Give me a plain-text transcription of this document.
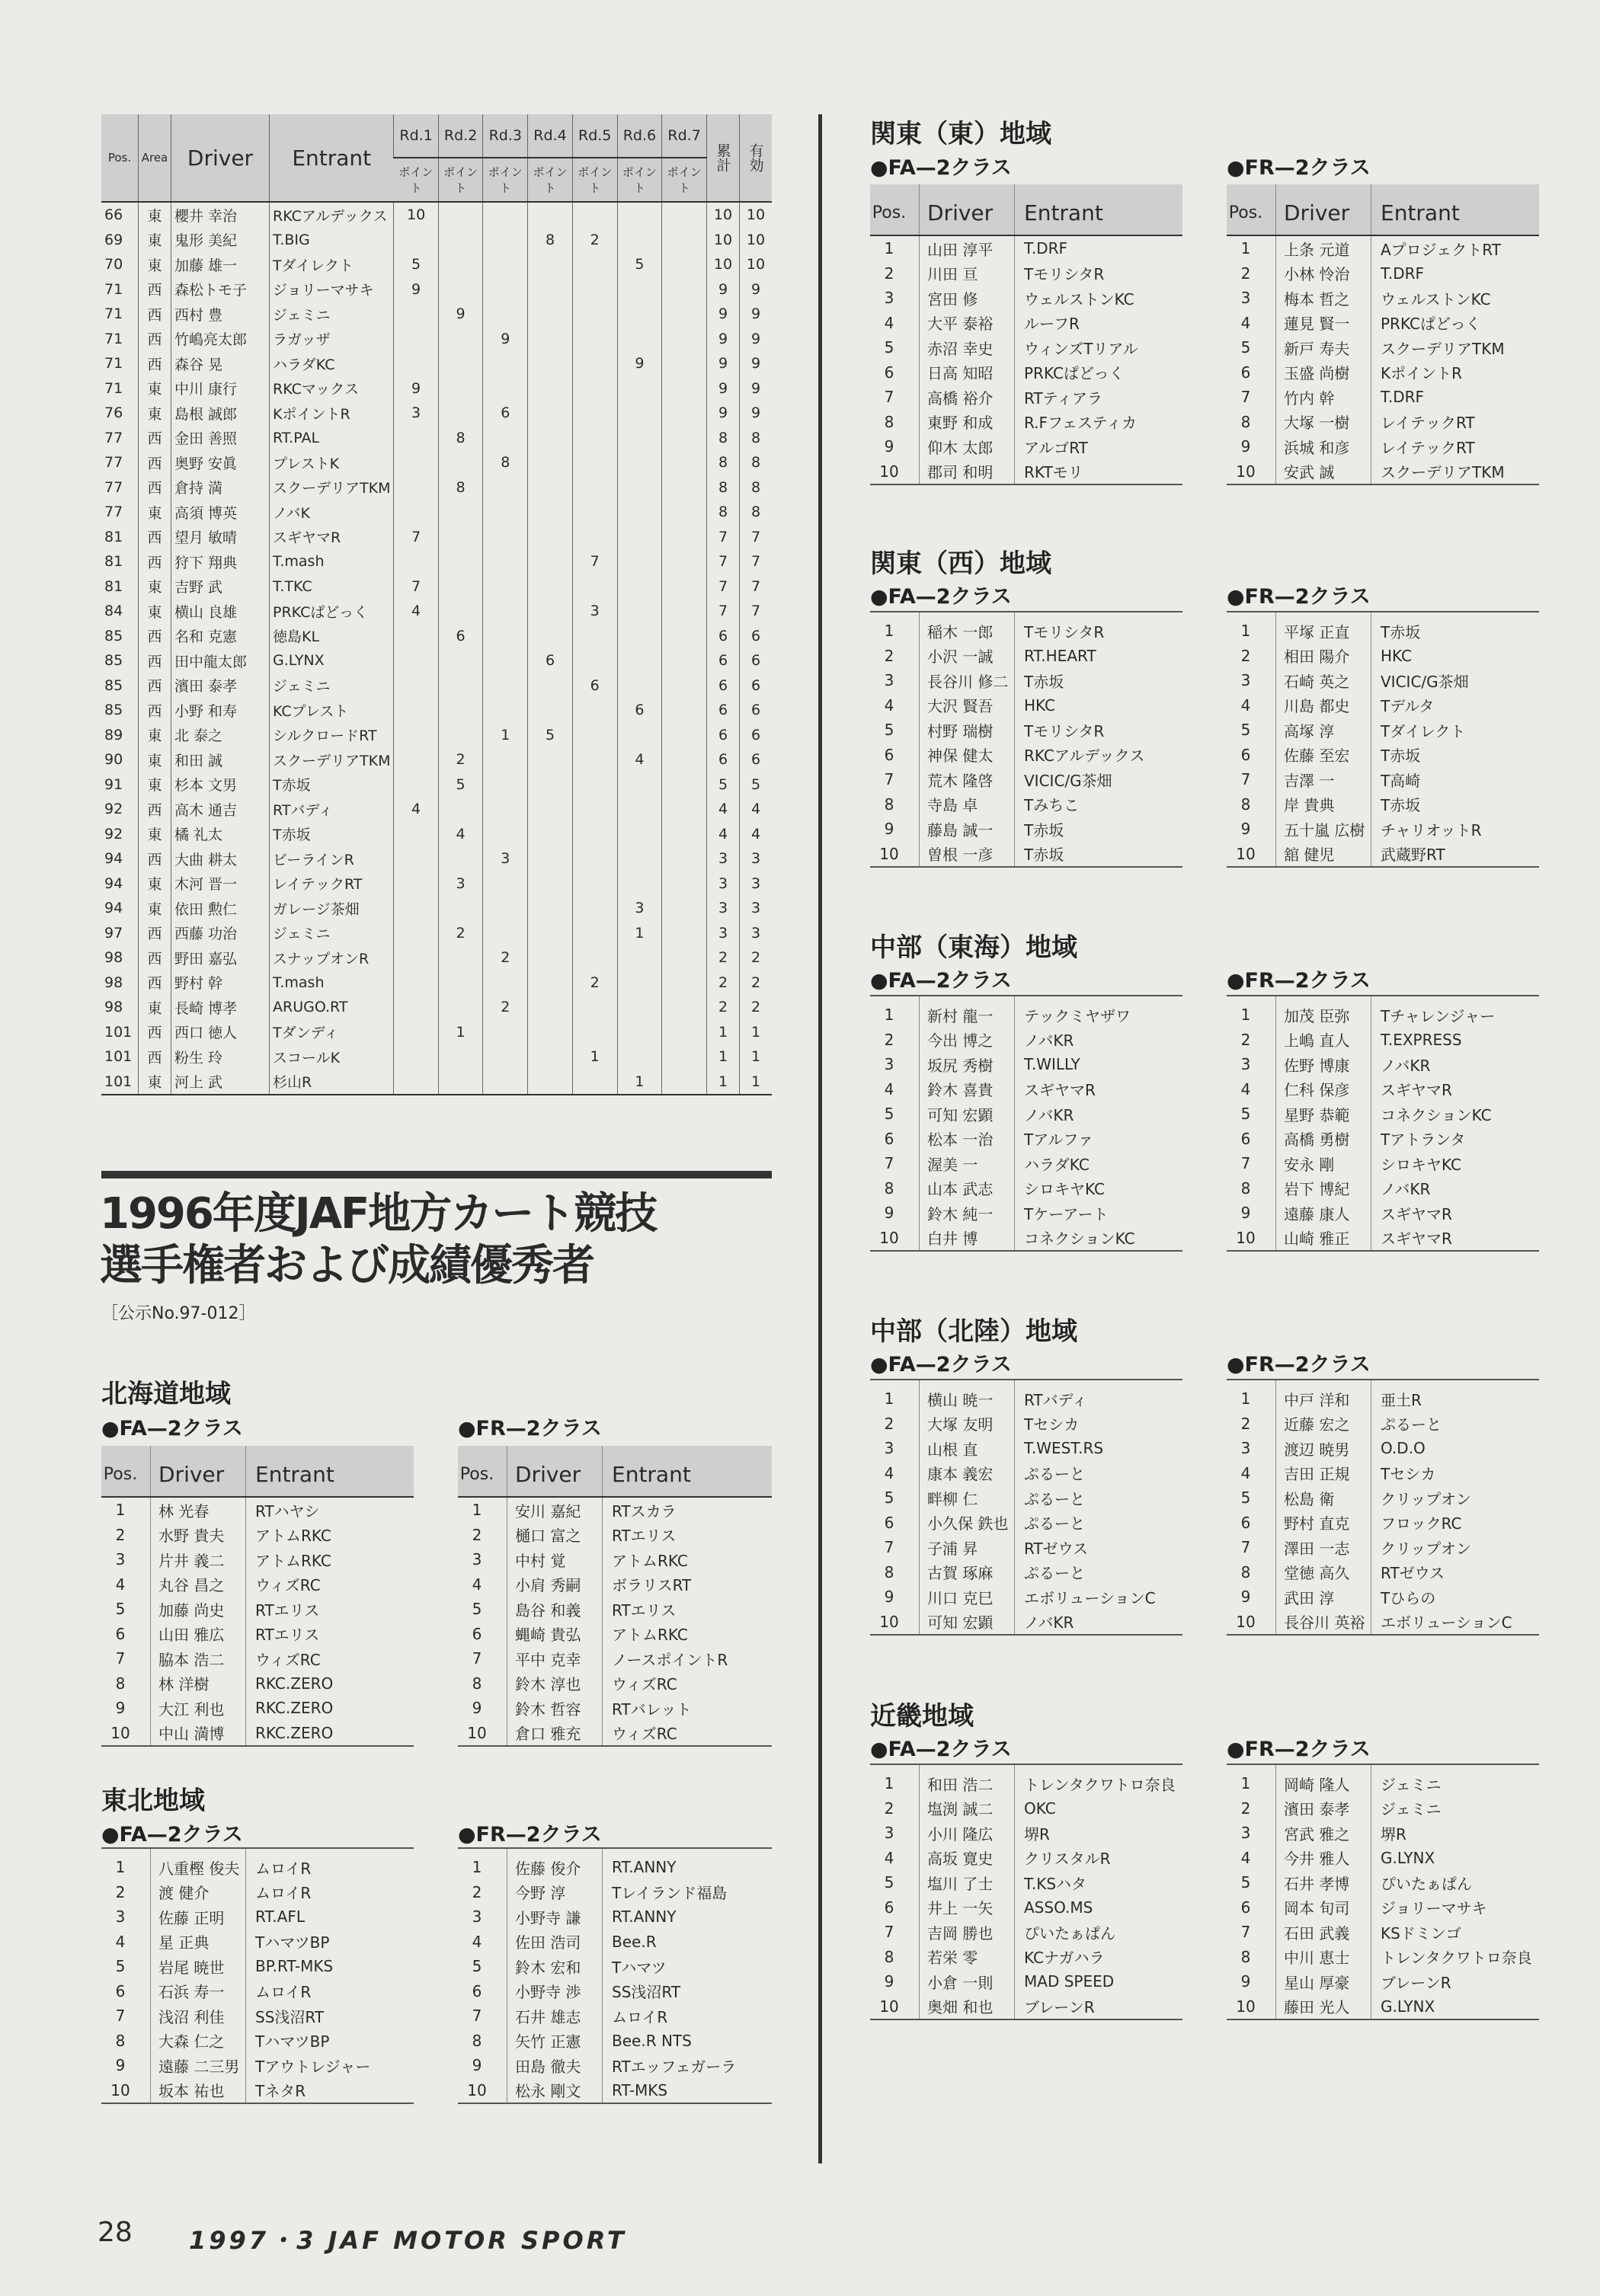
Pos.	Area	Driver	Entrant	Rd.1	Rd.2	Rd.3	Rd.4	Rd.5	Rd.6	Rd.7	累計	有効
				ポイント	ポイント	ポイント	ポイント	ポイント	ポイント	ポイント		
66	東	櫻井 幸治	RKCアルデックス	10							10	10
69	東	鬼形 美紀	T.BIG				8	2			10	10
70	東	加藤 雄一	Tダイレクト	5					5		10	10
71	西	森松トモ子	ジョリーマサキ	9							9	9
71	西	西村 豊	ジェミニ		9						9	9
71	西	竹嶋亮太郎	ラガッザ			9					9	9
71	西	森谷 晃	ハラダKC						9		9	9
71	東	中川 康行	RKCマックス	9							9	9
76	東	島根 誠郎	KポイントR	3		6					9	9
77	西	金田 善照	RT.PAL		8						8	8
77	西	奥野 安眞	プレストK			8					8	8
77	西	倉持 満	スクーデリアTKM		8						8	8
77	東	高須 博英	ノバK								8	8
81	西	望月 敏晴	スギヤマR	7							7	7
81	西	狩下 翔典	T.mash					7			7	7
81	東	吉野 武	T.TKC	7							7	7
84	東	横山 良雄	PRKCぱどっく	4				3			7	7
85	西	名和 克憲	徳島KL		6						6	6
85	西	田中龍太郎	G.LYNX				6				6	6
85	西	濱田 泰孝	ジェミニ					6			6	6
85	西	小野 和寿	KCプレスト						6		6	6
89	東	北 泰之	シルクロードRT			1	5				6	6
90	東	和田 誠	スクーデリアTKM		2				4		6	6
91	東	杉本 文男	T赤坂		5						5	5
92	西	高木 通吉	RTバディ	4							4	4
92	東	橘 礼太	T赤坂		4						4	4
94	西	大曲 耕太	ビーラインR			3					3	3
94	東	木河 晋一	レイテックRT		3						3	3
94	東	依田 勲仁	ガレージ茶畑						3		3	3
97	西	西藤 功治	ジェミニ		2				1		3	3
98	西	野田 嘉弘	スナップオンR			2					2	2
98	西	野村 幹	T.mash					2			2	2
98	東	長崎 博孝	ARUGO.RT			2					2	2
101	西	西口 徳人	Tダンディ		1						1	1
101	西	粉生 玲	スコールK					1			1	1
101	東	河上 武	杉山R						1		1	1
1996年度JAF地方カート競技
選手権者および成績優秀者
［公示No.97-012］
北海道地域
●FA—2クラス	●FR—2クラス
Pos.	Driver	Entrant
1	林 光春	RTハヤシ
2	水野 貴夫	アトムRKC
3	片井 義二	アトムRKC
4	丸谷 昌之	ウィズRC
5	加藤 尚史	RTエリス
6	山田 雅広	RTエリス
7	脇本 浩二	ウィズRC
8	林 洋樹	RKC.ZERO
9	大江 利也	RKC.ZERO
10	中山 満博	RKC.ZERO
Pos.	Driver	Entrant
1	安川 嘉紀	RTスカラ
2	樋口 富之	RTエリス
3	中村 覚	アトムRKC
4	小肩 秀嗣	ボラリスRT
5	島谷 和義	RTエリス
6	蝿崎 貴弘	アトムRKC
7	平中 克幸	ノースポイントR
8	鈴木 淳也	ウィズRC
9	鈴木 哲容	RTバレット
10	倉口 雅充	ウィズRC
東北地域
●FA—2クラス	●FR—2クラス
1	八重樫 俊夫	ムロイR
2	渡 健介	ムロイR
3	佐藤 正明	RT.AFL
4	星 正典	TハマツBP
5	岩尾 暁世	BP.RT-MKS
6	石浜 寿一	ムロイR
7	浅沼 利佳	SS浅沼RT
8	大森 仁之	TハマツBP
9	遠藤 二三男	Tアウトレジャー
10	坂本 祐也	TネタR
1	佐藤 俊介	RT.ANNY
2	今野 淳	Tレイランド福島
3	小野寺 謙	RT.ANNY
4	佐田 浩司	Bee.R
5	鈴木 宏和	Tハマツ
6	小野寺 渉	SS浅沼RT
7	石井 雄志	ムロイR
8	矢竹 正憲	Bee.R NTS
9	田島 徹夫	RTエッフェガーラ
10	松永 剛文	RT-MKS
関東（東）地域
●FA—2クラス	●FR—2クラス
Pos.	Driver	Entrant
1	山田 淳平	T.DRF
2	川田 亘	TモリシタR
3	宮田 修	ウェルストンKC
4	大平 泰裕	ルーフR
5	赤沼 幸史	ウィンズTリアル
6	日高 知昭	PRKCぱどっく
7	高橋 裕介	RTティアラ
8	東野 和成	R.Fフェスティカ
9	仰木 太郎	アルゴRT
10	郡司 和明	RKTモリ
Pos.	Driver	Entrant
1	上条 元道	AプロジェクトRT
2	小林 怜治	T.DRF
3	梅本 哲之	ウェルストンKC
4	蓮見 賢一	PRKCぱどっく
5	新戸 寿夫	スクーデリアTKM
6	玉盛 尚樹	KポイントR
7	竹内 幹	T.DRF
8	大塚 一樹	レイテックRT
9	浜城 和彦	レイテックRT
10	安武 誠	スクーデリアTKM
関東（西）地域
●FA—2クラス	●FR—2クラス
1	稲木 一郎	TモリシタR
2	小沢 一誠	RT.HEART
3	長谷川 修二	T赤坂
4	大沢 賢吾	HKC
5	村野 瑞樹	TモリシタR
6	神保 健太	RKCアルデックス
7	荒木 隆啓	VICIC/G茶畑
8	寺島 卓	Tみちこ
9	藤島 誠一	T赤坂
10	曽根 一彦	T赤坂
1	平塚 正直	T赤坂
2	相田 陽介	HKC
3	石崎 英之	VICIC/G茶畑
4	川島 都史	Tデルタ
5	高塚 淳	Tダイレクト
6	佐藤 至宏	T赤坂
7	吉澤 一	T高崎
8	岸 貴典	T赤坂
9	五十嵐 広樹	チャリオットR
10	舘 健児	武蔵野RT
中部（東海）地域
●FA—2クラス	●FR—2クラス
1	新村 龍一	テックミヤザワ
2	今出 博之	ノバKR
3	坂尻 秀樹	T.WILLY
4	鈴木 喜貴	スギヤマR
5	可知 宏顕	ノバKR
6	松本 一治	Tアルファ
7	渥美 一	ハラダKC
8	山本 武志	シロキヤKC
9	鈴木 純一	Tケーアート
10	白井 博	コネクションKC
1	加茂 臣弥	Tチャレンジャー
2	上嶋 直人	T.EXPRESS
3	佐野 博康	ノバKR
4	仁科 保彦	スギヤマR
5	星野 恭範	コネクションKC
6	高橋 勇樹	Tアトランタ
7	安永 剛	シロキヤKC
8	岩下 博紀	ノバKR
9	遠藤 康人	スギヤマR
10	山崎 雅正	スギヤマR
中部（北陸）地域
●FA—2クラス	●FR—2クラス
1	横山 暁一	RTバディ
2	大塚 友明	Tセシカ
3	山根 直	T.WEST.RS
4	康本 義宏	ぷるーと
5	畔柳 仁	ぷるーと
6	小久保 鉄也	ぷるーと
7	子浦 昇	RTゼウス
8	古賀 琢麻	ぷるーと
9	川口 克巳	エボリューションC
10	可知 宏顕	ノバKR
1	中戸 洋和	亜土R
2	近藤 宏之	ぷるーと
3	渡辺 暁男	O.D.O
4	吉田 正規	Tセシカ
5	松島 衛	クリップオン
6	野村 直克	フロックRC
7	澤田 一志	クリップオン
8	堂徳 高久	RTゼウス
9	武田 淳	Tひらの
10	長谷川 英裕	エボリューションC
近畿地域
●FA—2クラス	●FR—2クラス
1	和田 浩二	トレンタクワトロ奈良
2	塩渕 誠二	OKC
3	小川 隆広	堺R
4	高坂 寛史	クリスタルR
5	塩川 了士	T.KSハタ
6	井上 一矢	ASSO.MS
7	吉岡 勝也	ぴいたぁぱん
8	若栄 零	KCナガハラ
9	小倉 一則	MAD SPEED
10	奥畑 和也	ブレーンR
1	岡崎 隆人	ジェミニ
2	濱田 泰孝	ジェミニ
3	宮武 雅之	堺R
4	今井 雅人	G.LYNX
5	石井 孝博	ぴいたぁぱん
6	岡本 旬司	ジョリーマサキ
7	石田 武義	KSドミンゴ
8	中川 恵士	トレンタクワトロ奈良
9	星山 厚豪	ブレーンR
10	藤田 光人	G.LYNX
28 1997・3 JAF MOTOR SPORT
